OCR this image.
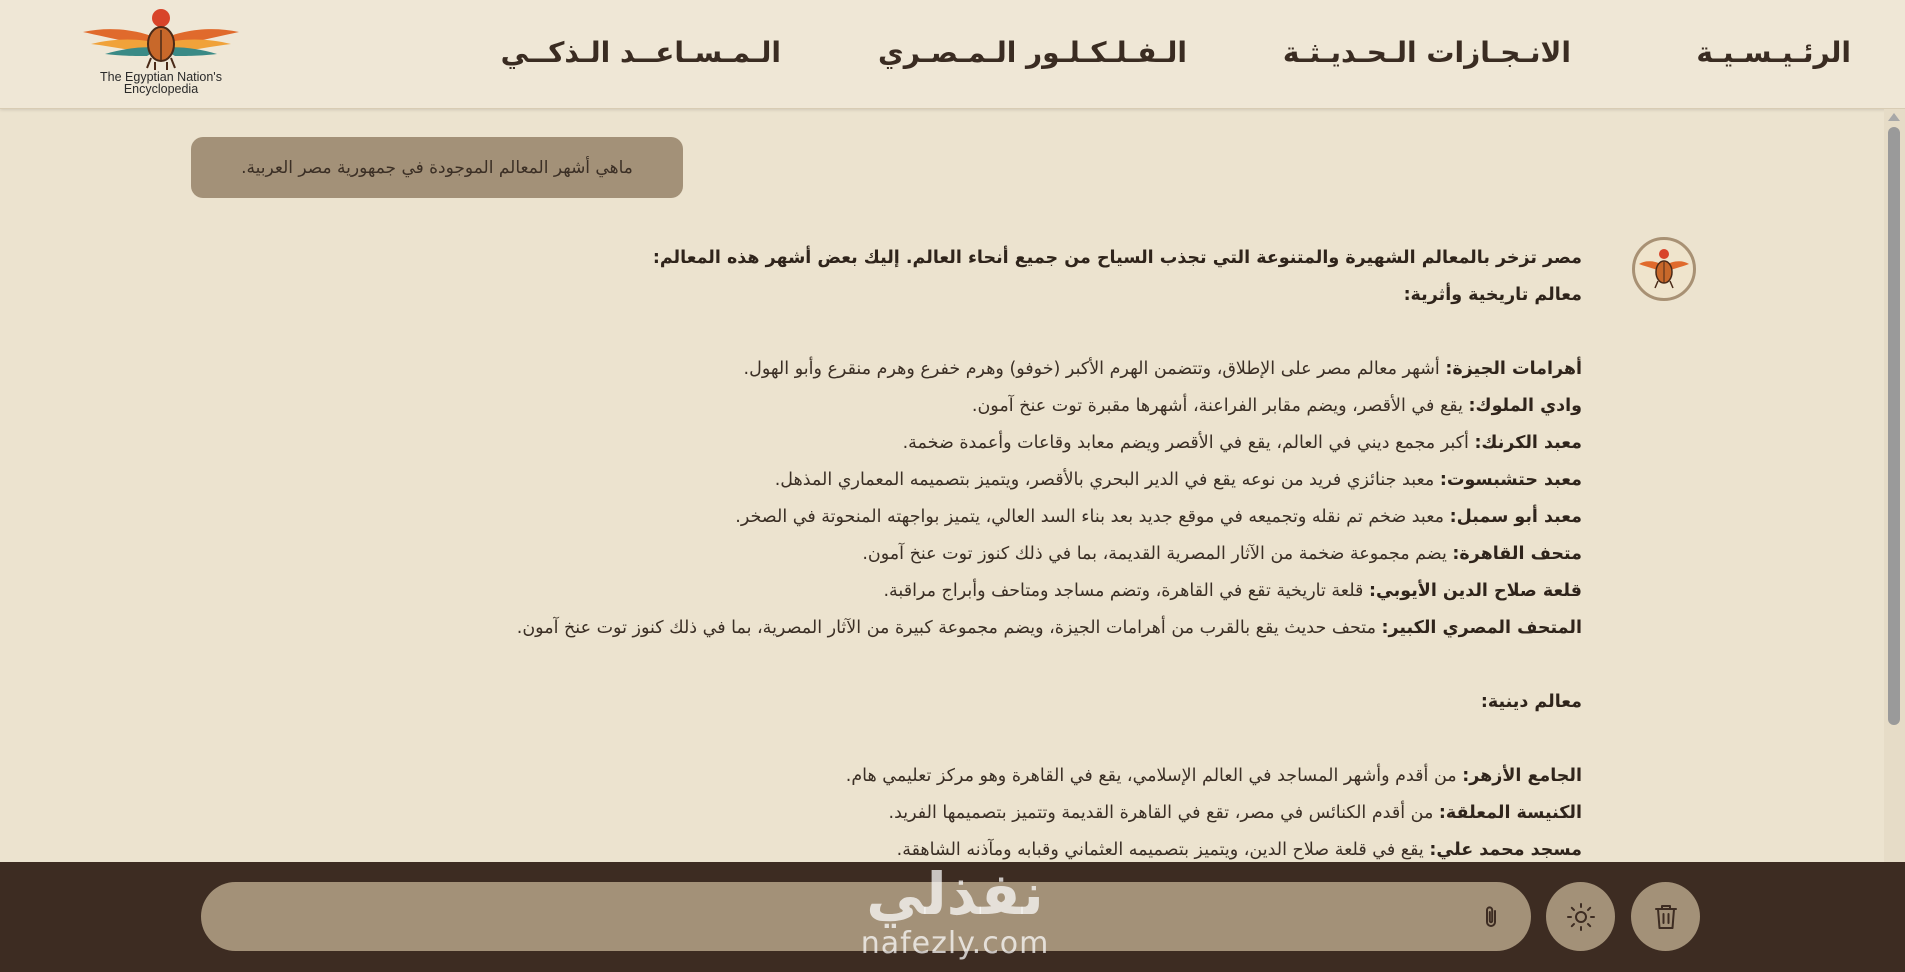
The Egyptian Nation's
Encyclopedia
الرئـيـسـيـة
الانـجـازات الـحـديـثـة
الـفـلـكـلـور الـمـصـري
الـمـسـاعــد الـذكــي
ماهي أشهر المعالم الموجودة في جمهورية مصر العربية.

مصر تزخر بالمعالم الشهيرة والمتنوعة التي تجذب السياح من جميع أنحاء العالم. إليك بعض أشهر هذه المعالم:

معالم تاريخية وأثرية:

أهرامات الجيزة: أشهر معالم مصر على الإطلاق، وتتضمن الهرم الأكبر (خوفو) وهرم خفرع وهرم منقرع وأبو الهول.

وادي الملوك: يقع في الأقصر، ويضم مقابر الفراعنة، أشهرها مقبرة توت عنخ آمون.

معبد الكرنك: أكبر مجمع ديني في العالم، يقع في الأقصر ويضم معابد وقاعات وأعمدة ضخمة.

معبد حتشبسوت: معبد جنائزي فريد من نوعه يقع في الدير البحري بالأقصر، ويتميز بتصميمه المعماري المذهل.

معبد أبو سمبل: معبد ضخم تم نقله وتجميعه في موقع جديد بعد بناء السد العالي، يتميز بواجهته المنحوتة في الصخر.

متحف القاهرة: يضم مجموعة ضخمة من الآثار المصرية القديمة، بما في ذلك كنوز توت عنخ آمون.

قلعة صلاح الدين الأيوبي: قلعة تاريخية تقع في القاهرة، وتضم مساجد ومتاحف وأبراج مراقبة.

المتحف المصري الكبير: متحف حديث يقع بالقرب من أهرامات الجيزة، ويضم مجموعة كبيرة من الآثار المصرية، بما في ذلك كنوز توت عنخ آمون.

معالم دينية:

الجامع الأزهر: من أقدم وأشهر المساجد في العالم الإسلامي، يقع في القاهرة وهو مركز تعليمي هام.

الكنيسة المعلقة: من أقدم الكنائس في مصر، تقع في القاهرة القديمة وتتميز بتصميمها الفريد.

مسجد محمد علي: يقع في قلعة صلاح الدين، ويتميز بتصميمه العثماني وقبابه ومآذنه الشاهقة.

نفذلي
nafezly.com
